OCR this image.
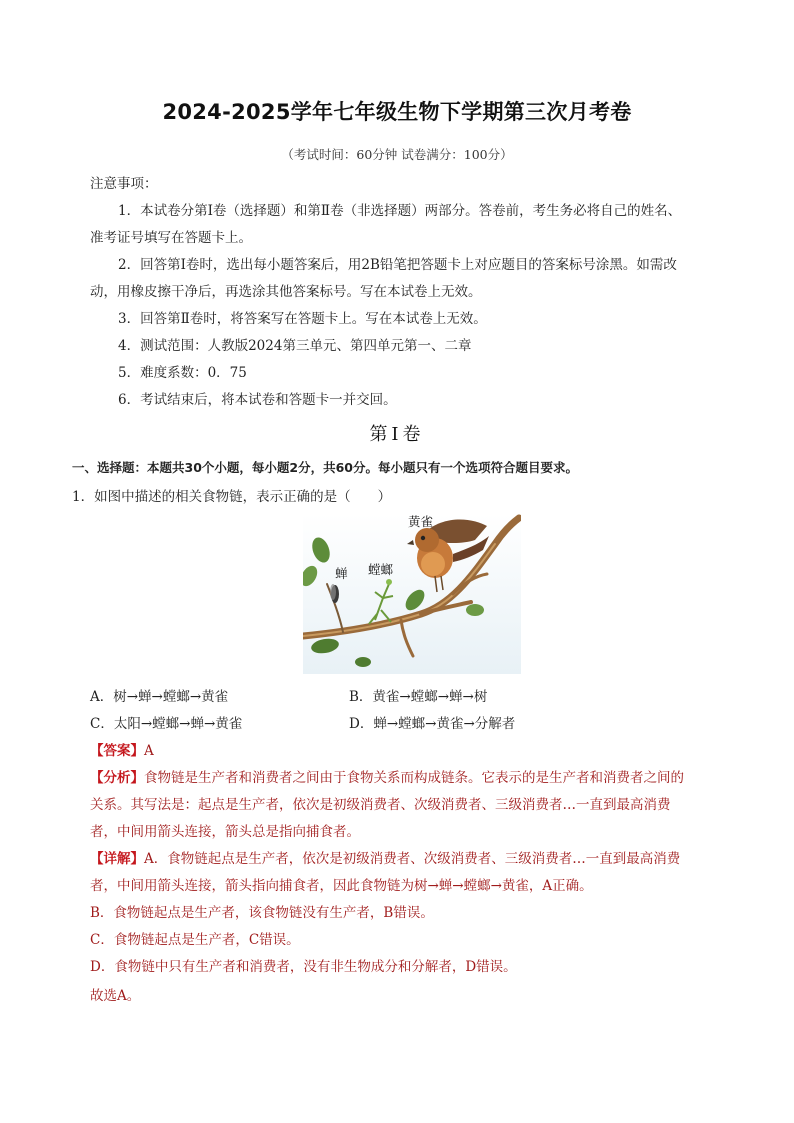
2024-2025学年七年级生物下学期第三次月考卷
（考试时间：60分钟 试卷满分：100分）
注意事项：
1．本试卷分第Ⅰ卷（选择题）和第Ⅱ卷（非选择题）两部分。答卷前，考生务必将自己的姓名、
准考证号填写在答题卡上。
2．回答第Ⅰ卷时，选出每小题答案后，用2B铅笔把答题卡上对应题目的答案标号涂黑。如需改
动，用橡皮擦干净后，再选涂其他答案标号。写在本试卷上无效。
3．回答第Ⅱ卷时，将答案写在答题卡上。写在本试卷上无效。
4．测试范围：人教版2024第三单元、第四单元第一、二章
5．难度系数：0．75
6．考试结束后，将本试卷和答题卡一并交回。
第Ⅰ卷
一、选择题：本题共30个小题，每小题2分，共60分。每小题只有一个选项符合题目要求。
1．如图中描述的相关食物链，表示正确的是（　　）
黄雀
蝉 螳螂
A．树→蝉→螳螂→黄雀	B．黄雀→螳螂→蝉→树
C．太阳→螳螂→蝉→黄雀	D．蝉→螳螂→黄雀→分解者
【答案】A
【分析】食物链是生产者和消费者之间由于食物关系而构成链条。它表示的是生产者和消费者之间的
关系。其写法是：起点是生产者，依次是初级消费者、次级消费者、三级消费者…一直到最高消费
者，中间用箭头连接，箭头总是指向捕食者。
【详解】A．食物链起点是生产者，依次是初级消费者、次级消费者、三级消费者…一直到最高消费
者，中间用箭头连接，箭头指向捕食者，因此食物链为树→蝉→螳螂→黄雀，A正确。
B．食物链起点是生产者，该食物链没有生产者，B错误。
C．食物链起点是生产者，C错误。
D．食物链中只有生产者和消费者，没有非生物成分和分解者，D错误。
故选A。
